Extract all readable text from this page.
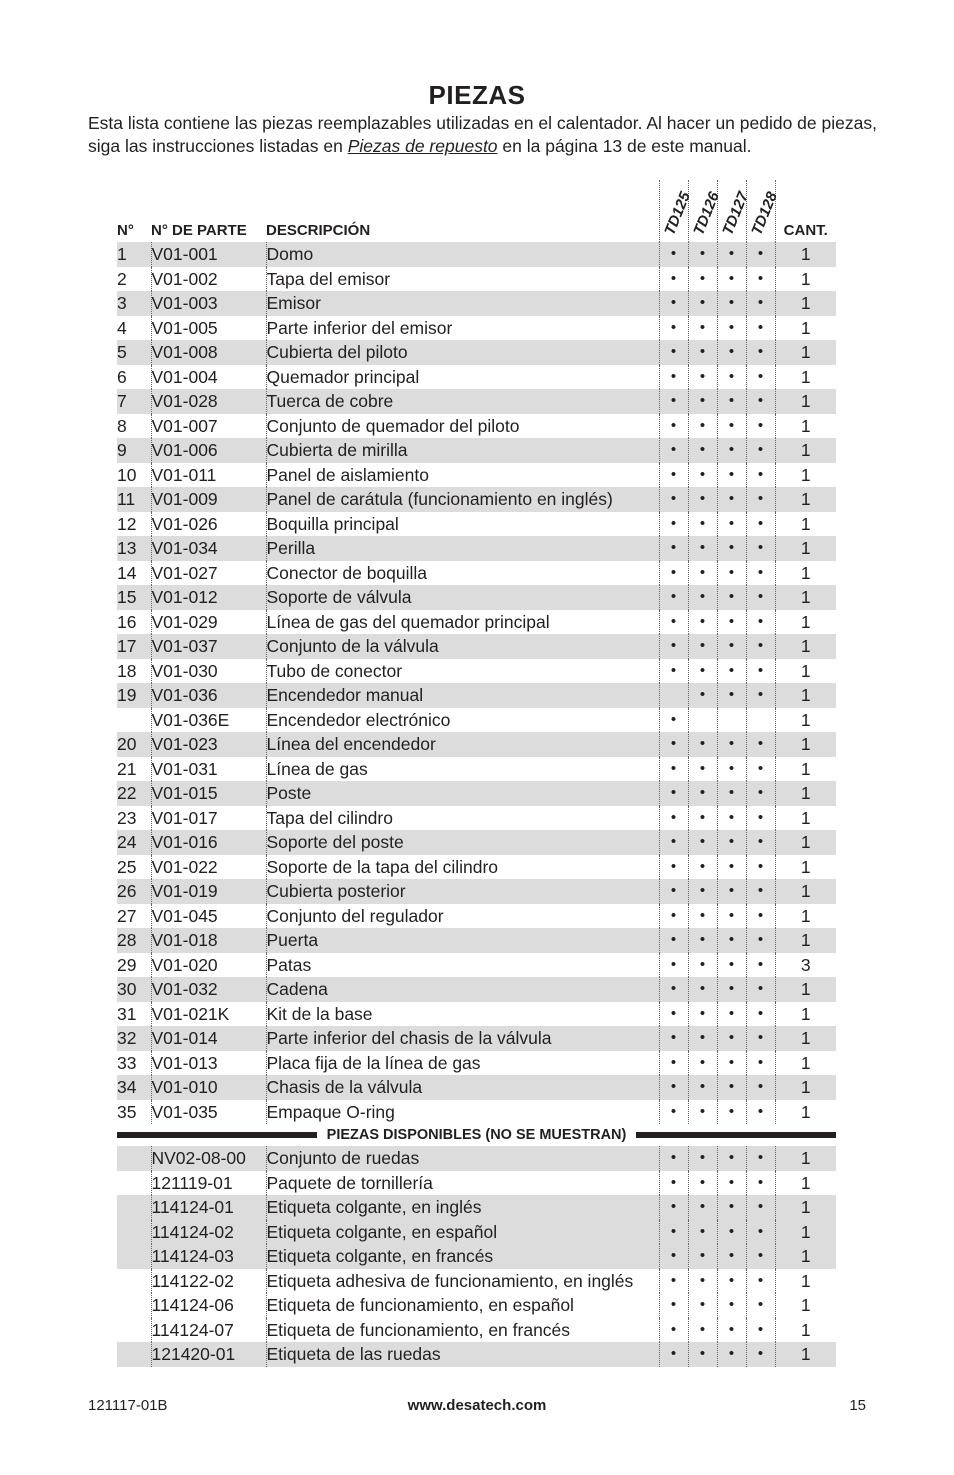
PIEZAS
Esta lista contiene las piezas reemplazables utilizadas en el calentador. Al hacer un pedido de piezas, siga las instrucciones listadas en Piezas de repuesto en la página 13 de este manual.
N°	N° DE PARTE	DESCRIPCIÓN	TD125	TD126	TD127	TD128	CANT.
1	V01-001	Domo	•	•	•	•	1
2	V01-002	Tapa del emisor	•	•	•	•	1
3	V01-003	Emisor	•	•	•	•	1
4	V01-005	Parte inferior del emisor	•	•	•	•	1
5	V01-008	Cubierta del piloto	•	•	•	•	1
6	V01-004	Quemador principal	•	•	•	•	1
7	V01-028	Tuerca de cobre	•	•	•	•	1
8	V01-007	Conjunto de quemador del piloto	•	•	•	•	1
9	V01-006	Cubierta de mirilla	•	•	•	•	1
10	V01-011	Panel de aislamiento	•	•	•	•	1
11	V01-009	Panel de carátula (funcionamiento en inglés)	•	•	•	•	1
12	V01-026	Boquilla principal	•	•	•	•	1
13	V01-034	Perilla	•	•	•	•	1
14	V01-027	Conector de boquilla	•	•	•	•	1
15	V01-012	Soporte de válvula	•	•	•	•	1
16	V01-029	Línea de gas del quemador principal	•	•	•	•	1
17	V01-037	Conjunto de la válvula	•	•	•	•	1
18	V01-030	Tubo de conector	•	•	•	•	1
19	V01-036	Encendedor manual		•	•	•	1
	V01-036E	Encendedor electrónico	•				1
20	V01-023	Línea del encendedor	•	•	•	•	1
21	V01-031	Línea de gas	•	•	•	•	1
22	V01-015	Poste	•	•	•	•	1
23	V01-017	Tapa del cilindro	•	•	•	•	1
24	V01-016	Soporte del poste	•	•	•	•	1
25	V01-022	Soporte de la tapa del cilindro	•	•	•	•	1
26	V01-019	Cubierta posterior	•	•	•	•	1
27	V01-045	Conjunto del regulador	•	•	•	•	1
28	V01-018	Puerta	•	•	•	•	1
29	V01-020	Patas	•	•	•	•	3
30	V01-032	Cadena	•	•	•	•	1
31	V01-021K	Kit de la base	•	•	•	•	1
32	V01-014	Parte inferior del chasis de la válvula	•	•	•	•	1
33	V01-013	Placa fija de la línea de gas	•	•	•	•	1
34	V01-010	Chasis de la válvula	•	•	•	•	1
35	V01-035	Empaque O-ring	•	•	•	•	1

PIEZAS DISPONIBLES (NO SE MUESTRAN)							

	NV02-08-00	Conjunto de ruedas	•	•	•	•	1
	121119-01	Paquete de tornillería	•	•	•	•	1
	114124-01	Etiqueta colgante, en inglés	•	•	•	•	1
	114124-02	Etiqueta colgante, en español	•	•	•	•	1
	114124-03	Etiqueta colgante, en francés	•	•	•	•	1
	114122-02	Etiqueta adhesiva de funcionamiento, en inglés	•	•	•	•	1
	114124-06	Etiqueta de funcionamiento, en español	•	•	•	•	1
	114124-07	Etiqueta de funcionamiento, en francés	•	•	•	•	1
	121420-01	Etiqueta de las ruedas	•	•	•	•	1
121117-01B	www.desatech.com	15
